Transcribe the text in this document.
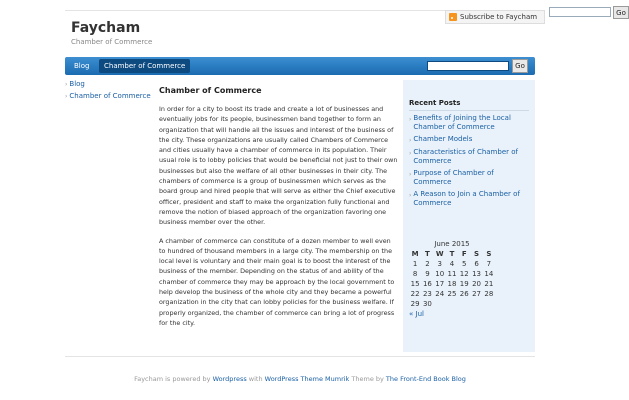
Faycham
Chamber of Commerce
Subscribe to Faycham
Go
Blog	Chamber of Commerce	Go
› Blog
› Chamber of Commerce
Chamber of Commerce

In order for a city to boost its trade and create a lot of businesses and eventually jobs for its people, businessmen band together to form an organization that will handle all the issues and interest of the business of the city. These organizations are usually called Chambers of Commerce and cities usually have a chamber of commerce in its population. Their usual role is to lobby policies that would be beneficial not just to their own businesses but also the welfare of all other businesses in their city. The chambers of commerce is a group of businessmen which serves as the board group and hired people that will serve as either the Chief executive officer, president and staff to make the organization fully functional and remove the notion of biased approach of the organization favoring one business member over the other.

A chamber of commerce can constitute of a dozen member to well even to hundred of thousand members in a large city. The membership on the local level is voluntary and their main goal is to boost the interest of the business of the member. Depending on the status of and ability of the chamber of commerce they may be approach by the local government to help develop the business of the whole city and they became a powerful organization in the city that can lobby policies for the business welfare. If properly organized, the chamber of commerce can bring a lot of progress for the city.

Recent Posts
› Benefits of Joining the Local Chamber of Commerce
› Chamber Models
› Characteristics of Chamber of Commerce
› Purpose of Chamber of Commerce
› A Reason to Join a Chamber of Commerce
June 2015
M	T	W	T	F	S	S
1	2	3	4	5	6	7
8	9	10	11	12	13	14
15	16	17	18	19	20	21
22	23	24	25	26	27	28
29	30					
« Jul
Faycham is powered by Wordpress with WordPress Theme Mumrik Theme by The Front-End Book Blog
